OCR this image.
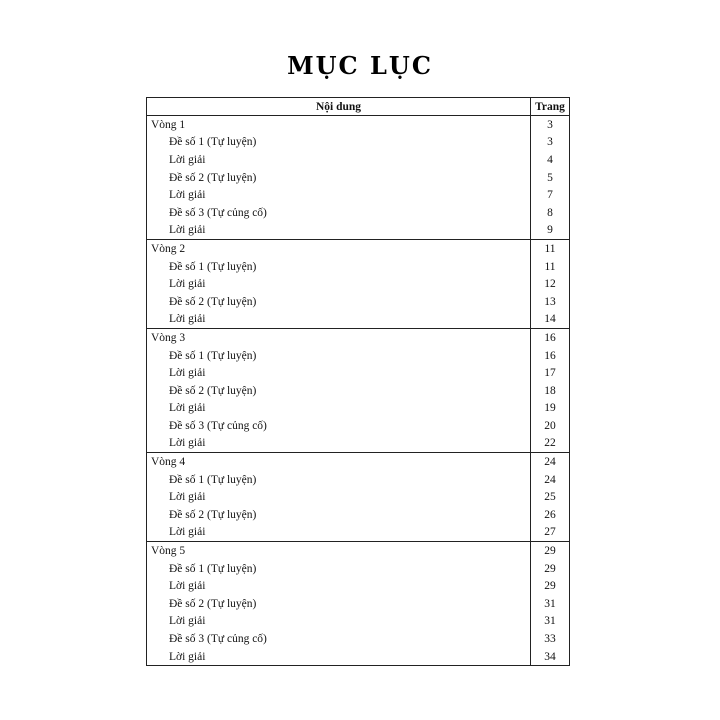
MỤC LỤC
Nội dung	Trang
Vòng 1	3
Đề số 1 (Tự luyện)	3
Lời giải	4
Đề số 2 (Tự luyện)	5
Lời giải	7
Đề số 3 (Tự củng cố)	8
Lời giải	9
Vòng 2	11
Đề số 1 (Tự luyện)	11
Lời giải	12
Đề số 2 (Tự luyện)	13
Lời giải	14
Vòng 3	16
Đề số 1 (Tự luyện)	16
Lời giải	17
Đề số 2 (Tự luyện)	18
Lời giải	19
Đề số 3 (Tự củng cố)	20
Lời giải	22
Vòng 4	24
Đề số 1 (Tự luyện)	24
Lời giải	25
Đề số 2 (Tự luyện)	26
Lời giải	27
Vòng 5	29
Đề số 1 (Tự luyện)	29
Lời giải	29
Đề số 2 (Tự luyện)	31
Lời giải	31
Đề số 3 (Tự củng cố)	33
Lời giải	34
